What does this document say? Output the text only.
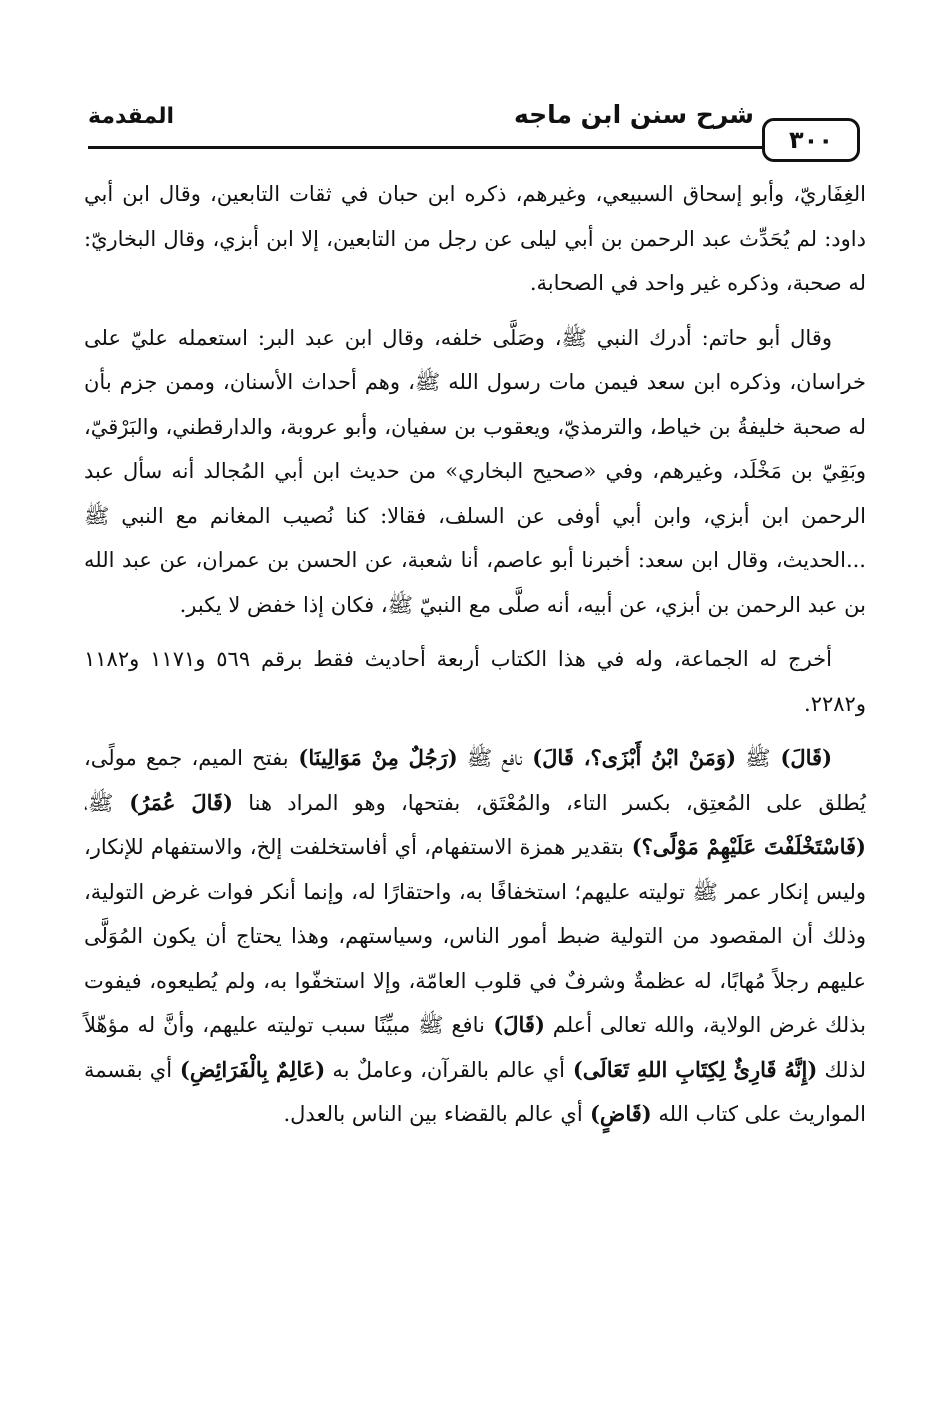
٣٠٠
شرح سنن ابن ماجه
المقدمة

الغِفَاريّ، وأبو إسحاق السبيعي، وغيرهم، ذكره ابن حبان في ثقات التابعين، وقال ابن أبي داود: لم يُحَدِّث عبد الرحمن بن أبي ليلى عن رجل من التابعين، إلا ابن أبزي، وقال البخاريّ: له صحبة، وذكره غير واحد في الصحابة.

وقال أبو حاتم: أدرك النبي ﷺ، وصَلَّى خلفه، وقال ابن عبد البر: استعمله عليّ على خراسان، وذكره ابن سعد فيمن مات رسول الله ﷺ، وهم أحداث الأسنان، وممن جزم بأن له صحبة خليفةُ بن خياط، والترمذيّ، ويعقوب بن سفيان، وأبو عروبة، والدارقطني، والبَرْقيّ، وبَقِيّ بن مَخْلَد، وغيرهم، وفي «صحيح البخاري» من حديث ابن أبي المُجالد أنه سأل عبد الرحمن ابن أبزي، وابن أبي أوفى عن السلف، فقالا: كنا نُصيب المغانم مع النبي ﷺ ...الحديث، وقال ابن سعد: أخبرنا أبو عاصم، أنا شعبة، عن الحسن بن عمران، عن عبد الله بن عبد الرحمن بن أبزي، عن أبيه، أنه صلَّى مع النبيّ ﷺ، فكان إذا خفض لا يكبر.

أخرج له الجماعة، وله في هذا الكتاب أربعة أحاديث فقط برقم ٥٦٩ و١١٧١ و١١٨٢ و٢٢٨٢.

(قَالَ) ﷺ (وَمَنْ ابْنُ أَبْزَى؟، قَالَ) نافع ﷺ (رَجُلٌ مِنْ مَوَالِينَا) بفتح الميم، جمع مولًى، يُطلق على المُعتِق، بكسر التاء، والمُعْتَق، بفتحها، وهو المراد هنا (قَالَ عُمَرُ) ﷺ، (فَاسْتَخْلَفْتَ عَلَيْهِمْ مَوْلًى؟) بتقدير همزة الاستفهام، أي أفاستخلفت إلخ، والاستفهام للإنكار، وليس إنكار عمر ﷺ توليته عليهم؛ استخفافًا به، واحتقارًا له، وإنما أنكر فوات غرض التولية، وذلك أن المقصود من التولية ضبط أمور الناس، وسياستهم، وهذا يحتاج أن يكون المُوَلَّى عليهم رجلاً مُهابًا، له عظمةٌ وشرفٌ في قلوب العامّة، وإلا استخفّوا به، ولم يُطيعوه، فيفوت بذلك غرض الولاية، والله تعالى أعلم (قَالَ) نافع ﷺ مبيِّنًا سبب توليته عليهم، وأنَّ له مؤهّلاً لذلك (إِنَّهُ قَارِئٌ لِكِتَابِ اللهِ تَعَالَى) أي عالم بالقرآن، وعاملٌ به (عَالِمٌ بِالْفَرَائِضِ) أي بقسمة المواريث على كتاب الله (قَاضٍ) أي عالم بالقضاء بين الناس بالعدل.
